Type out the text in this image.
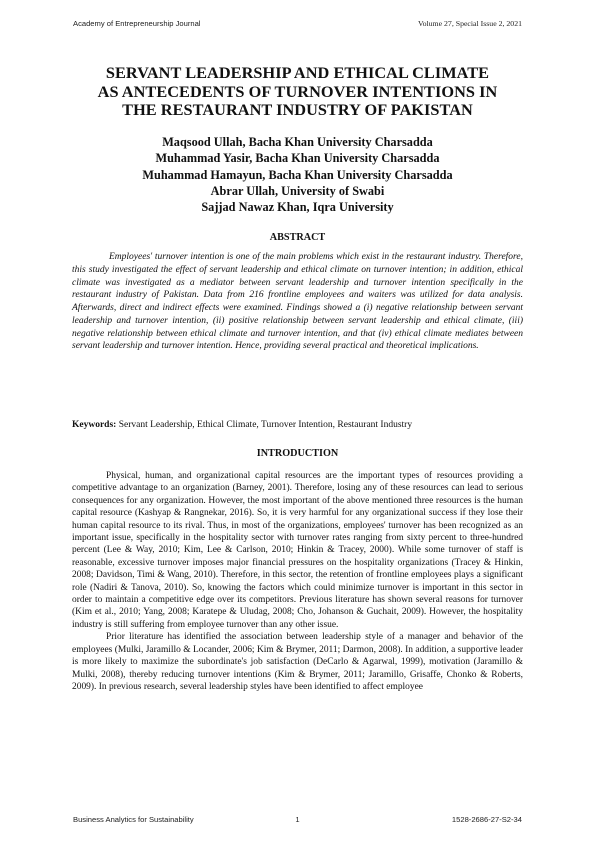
Academy of Entrepreneurship Journal	Volume 27, Special Issue 2, 2021
SERVANT LEADERSHIP AND ETHICAL CLIMATE
AS ANTECEDENTS OF TURNOVER INTENTIONS IN
THE RESTAURANT INDUSTRY OF PAKISTAN
Maqsood Ullah, Bacha Khan University Charsadda
Muhammad Yasir, Bacha Khan University Charsadda
Muhammad Hamayun, Bacha Khan University Charsadda
Abrar Ullah, University of Swabi
Sajjad Nawaz Khan, Iqra University
ABSTRACT

Employees' turnover intention is one of the main problems which exist in the restaurant industry. Therefore, this study investigated the effect of servant leadership and ethical climate on turnover intention; in addition, ethical climate was investigated as a mediator between servant leadership and turnover intention specifically in the restaurant industry of Pakistan. Data from 216 frontline employees and waiters was utilized for data analysis. Afterwards, direct and indirect effects were examined. Findings showed a (i) negative relationship between servant leadership and turnover intention, (ii) positive relationship between servant leadership and ethical climate, (iii) negative relationship between ethical climate and turnover intention, and that (iv) ethical climate mediates between servant leadership and turnover intention. Hence, providing several practical and theoretical implications.

Keywords: Servant Leadership, Ethical Climate, Turnover Intention, Restaurant Industry
INTRODUCTION

Physical, human, and organizational capital resources are the important types of resources providing a competitive advantage to an organization (Barney, 2001). Therefore, losing any of these resources can lead to serious consequences for any organization. However, the most important of the above mentioned three resources is the human capital resource (Kashyap & Rangnekar, 2016). So, it is very harmful for any organizational success if they lose their human capital resource to its rival. Thus, in most of the organizations, employees' turnover has been recognized as an important issue, specifically in the hospitality sector with turnover rates ranging from sixty percent to three-hundred percent (Lee & Way, 2010; Kim, Lee & Carlson, 2010; Hinkin & Tracey, 2000). While some turnover of staff is reasonable, excessive turnover imposes major financial pressures on the hospitality organizations (Tracey & Hinkin, 2008; Davidson, Timi & Wang, 2010). Therefore, in this sector, the retention of frontline employees plays a significant role (Nadiri & Tanova, 2010). So, knowing the factors which could minimize turnover is important in this sector in order to maintain a competitive edge over its competitors. Previous literature has shown several reasons for turnover (Kim et al., 2010; Yang, 2008; Karatepe & Uludag, 2008; Cho, Johanson & Guchait, 2009). However, the hospitality industry is still suffering from employee turnover than any other issue.

Prior literature has identified the association between leadership style of a manager and behavior of the employees (Mulki, Jaramillo & Locander, 2006; Kim & Brymer, 2011; Darmon, 2008). In addition, a supportive leader is more likely to maximize the subordinate's job satisfaction (DeCarlo & Agarwal, 1999), motivation (Jaramillo & Mulki, 2008), thereby reducing turnover intentions (Kim & Brymer, 2011; Jaramillo, Grisaffe, Chonko & Roberts, 2009). In previous research, several leadership styles have been identified to affect employee

Business Analytics for Sustainability	1	1528-2686-27-S2-34
